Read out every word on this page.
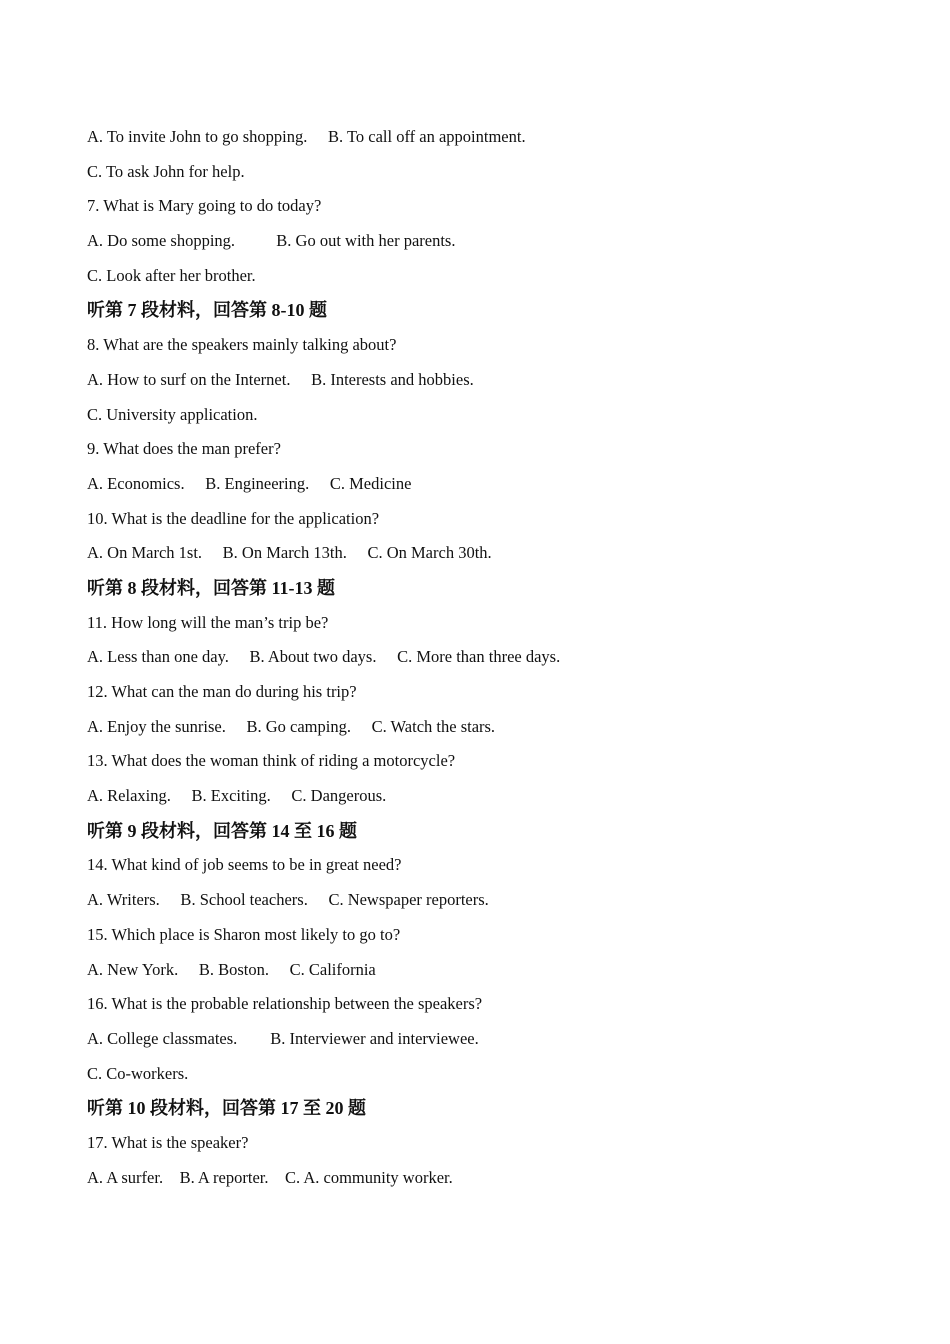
A. To invite John to go shopping.     B. To call off an appointment.
C. To ask John for help.
7. What is Mary going to do today?
A. Do some shopping.          B. Go out with her parents.
C. Look after her brother.
听第 7 段材料，回答第 8-10 题
8. What are the speakers mainly talking about?
A. How to surf on the Internet.     B. Interests and hobbies.
C. University application.
9. What does the man prefer?
A. Economics.     B. Engineering.     C. Medicine
10. What is the deadline for the application?
A. On March 1st.     B. On March 13th.     C. On March 30th.
听第 8 段材料，回答第 11-13 题
11. How long will the man’s trip be?
A. Less than one day.     B. About two days.     C. More than three days.
12. What can the man do during his trip?
A. Enjoy the sunrise.     B. Go camping.     C. Watch the stars.
13. What does the woman think of riding a motorcycle?
A. Relaxing.     B. Exciting.     C. Dangerous.
听第 9 段材料，回答第 14 至 16 题
14. What kind of job seems to be in great need?
A. Writers.     B. School teachers.     C. Newspaper reporters.
15. Which place is Sharon most likely to go to?
A. New York.     B. Boston.     C. California
16. What is the probable relationship between the speakers?
A. College classmates.        B. Interviewer and interviewee.
C. Co-workers.
听第 10 段材料，回答第 17 至 20 题
17. What is the speaker?
A. A surfer.    B. A reporter.    C. A. community worker.
